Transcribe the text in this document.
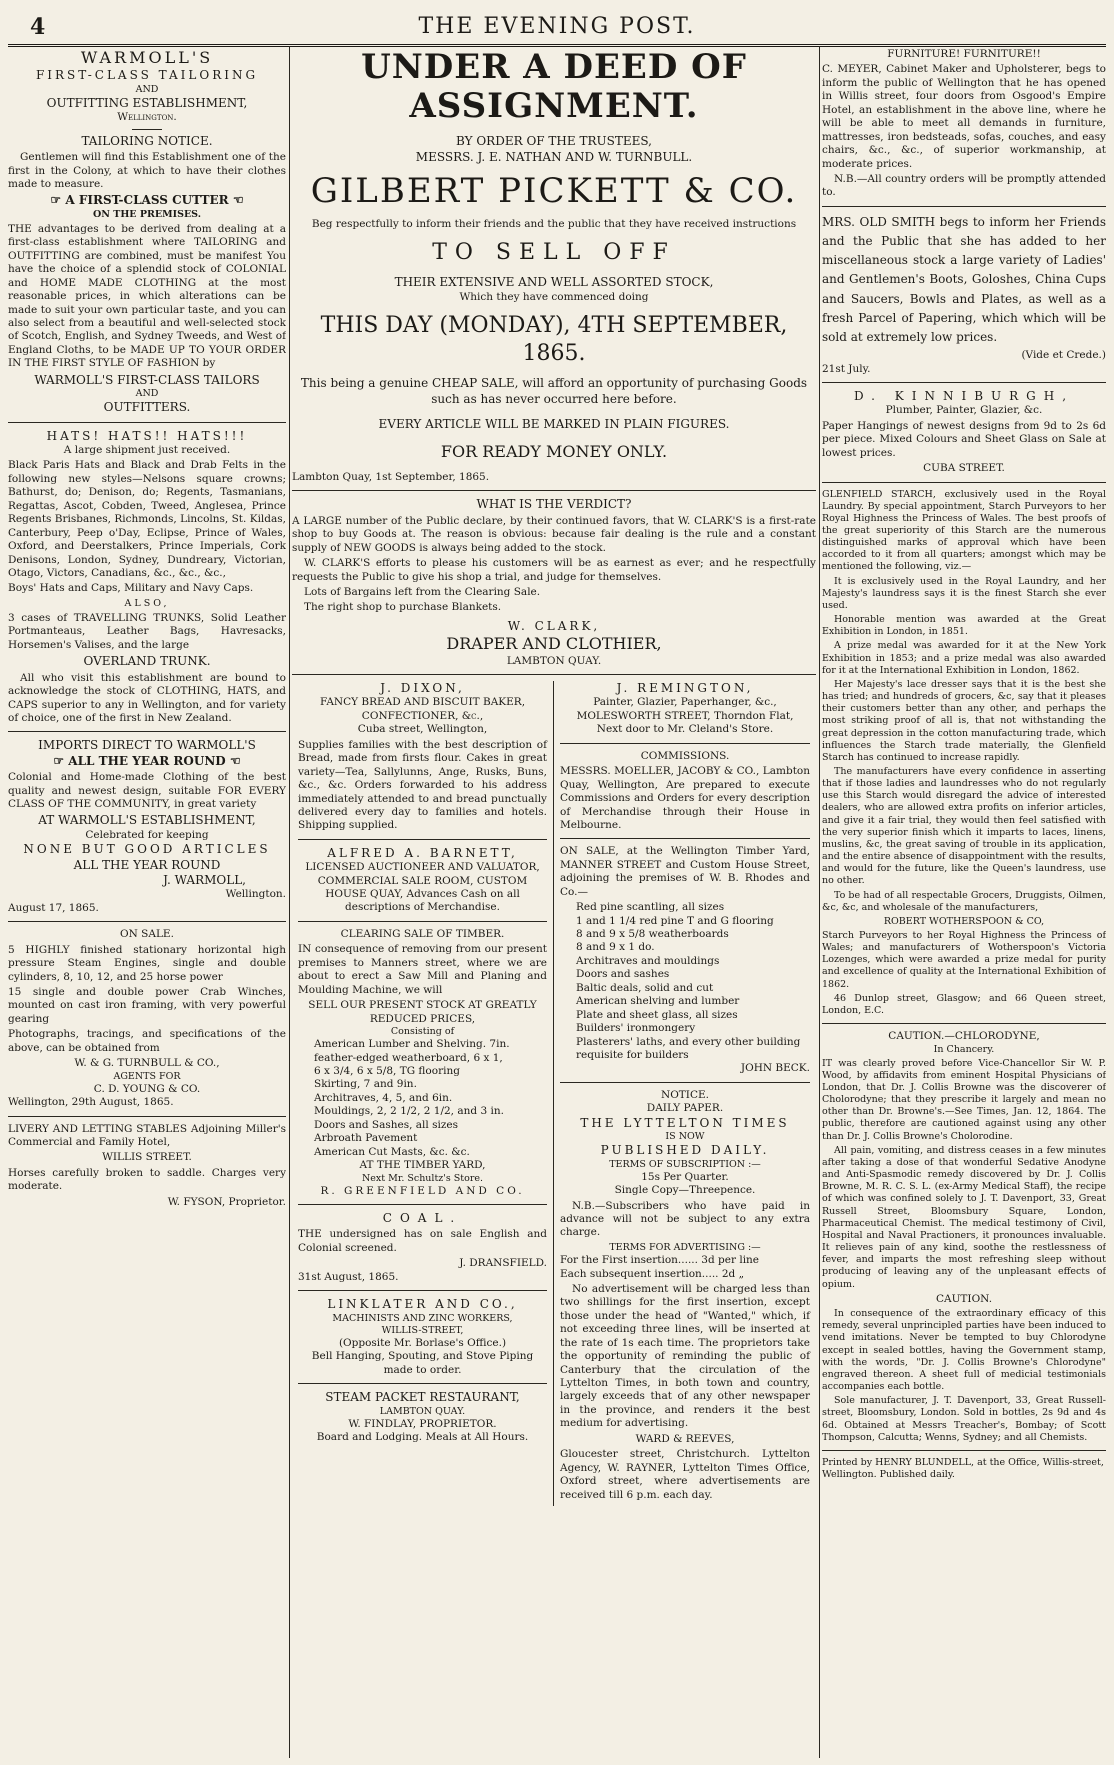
4	THE EVENING POST.
WARMOLL'S
FIRST-CLASS TAILORING
AND
OUTFITTING ESTABLISHMENT,
Wellington.
TAILORING NOTICE.

Gentlemen will find this Establishment one of the first in the Colony, at which to have their clothes made to measure.

☞ A FIRST-CLASS CUTTER ☜
ON THE PREMISES.

THE advantages to be derived from dealing at a first-class establishment where TAILORING and OUTFITTING are combined, must be manifest You have the choice of a splendid stock of COLONIAL and HOME MADE CLOTHING at the most reasonable prices, in which alterations can be made to suit your own particular taste, and you can also select from a beautiful and well-selected stock of Scotch, English, and Sydney Tweeds, and West of England Cloths, to be MADE UP TO YOUR ORDER IN THE FIRST STYLE OF FASHION by

WARMOLL'S FIRST-CLASS TAILORS
AND
OUTFITTERS.
HATS! HATS!! HATS!!!
A large shipment just received.

Black Paris Hats and Black and Drab Felts in the following new styles—Nelsons square crowns; Bathurst, do; Denison, do; Regents, Tasmanians, Regattas, Ascot, Cobden, Tweed, Anglesea, Prince Regents Brisbanes, Richmonds, Lincolns, St. Kildas, Canterbury, Peep o'Day, Eclipse, Prince of Wales, Oxford, and Deerstalkers, Prince Imperials, Cork Denisons, London, Sydney, Dundreary, Victorian, Otago, Victors, Canadians, &c., &c., &c.,

Boys' Hats and Caps, Military and Navy Caps.

ALSO,

3 cases of TRAVELLING TRUNKS, Solid Leather Portmanteaus, Leather Bags, Havresacks, Horsemen's Valises, and the large

OVERLAND TRUNK.

All who visit this establishment are bound to acknowledge the stock of CLOTHING, HATS, and CAPS superior to any in Wellington, and for variety of choice, one of the first in New Zealand.

IMPORTS DIRECT TO WARMOLL'S
☞ ALL THE YEAR ROUND ☜

Colonial and Home-made Clothing of the best quality and newest design, suitable FOR EVERY CLASS OF THE COMMUNITY, in great variety

AT WARMOLL'S ESTABLISHMENT,
Celebrated for keeping
NONE BUT GOOD ARTICLES
ALL THE YEAR ROUND
J. WARMOLL,
Wellington.
August 17, 1865.
ON SALE.

5 HIGHLY finished stationary horizontal high pressure Steam Engines, single and double cylinders, 8, 10, 12, and 25 horse power

15 single and double power Crab Winches, mounted on cast iron framing, with very powerful gearing

Photographs, tracings, and specifications of the above, can be obtained from

W. & G. TURNBULL & CO.,
AGENTS FOR
C. D. YOUNG & CO.
Wellington, 29th August, 1865.

LIVERY AND LETTING STABLES Adjoining Miller's Commercial and Family Hotel,

WILLIS STREET.

Horses carefully broken to saddle. Charges very moderate.

W. FYSON, Proprietor.
UNDER A DEED OF ASSIGNMENT.
BY ORDER OF THE TRUSTEES,
MESSRS. J. E. NATHAN AND W. TURNBULL.
GILBERT PICKETT & CO.
Beg respectfully to inform their friends and the public that they have received instructions
TO SELL OFF
THEIR EXTENSIVE AND WELL ASSORTED STOCK,
Which they have commenced doing
THIS DAY (MONDAY), 4TH SEPTEMBER, 1865.
This being a genuine CHEAP SALE, will afford an opportunity of purchasing Goods such as has never occurred here before.
EVERY ARTICLE WILL BE MARKED IN PLAIN FIGURES.
FOR READY MONEY ONLY.
Lambton Quay, 1st September, 1865.
WHAT IS THE VERDICT?

A LARGE number of the Public declare, by their continued favors, that W. CLARK'S is a first-rate shop to buy Goods at. The reason is obvious: because fair dealing is the rule and a constant supply of NEW GOODS is always being added to the stock.

W. CLARK'S efforts to please his customers will be as earnest as ever; and he respectfully requests the Public to give his shop a trial, and judge for themselves.

Lots of Bargains left from the Clearing Sale.

The right shop to purchase Blankets.

W. CLARK,
DRAPER AND CLOTHIER,
LAMBTON QUAY.
J. DIXON,
FANCY BREAD AND BISCUIT BAKER, CONFECTIONER, &c.,
Cuba street, Wellington,

Supplies families with the best description of Bread, made from firsts flour. Cakes in great variety—Tea, Sallylunns, Ange, Rusks, Buns, &c., &c. Orders forwarded to his address immediately attended to and bread punctually delivered every day to families and hotels. Shipping supplied.

ALFRED A. BARNETT,
LICENSED AUCTIONEER AND VALUATOR,
COMMERCIAL SALE ROOM, CUSTOM HOUSE QUAY, Advances Cash on all descriptions of Merchandise.
CLEARING SALE OF TIMBER.

IN consequence of removing from our present premises to Manners street, where we are about to erect a Saw Mill and Planing and Moulding Machine, we will

SELL OUR PRESENT STOCK AT GREATLY REDUCED PRICES,
Consisting of
American Lumber and Shelving. 7in.
feather-edged weatherboard, 6 x 1,
6 x 3/4, 6 x 5/8, TG flooring
Skirting, 7 and 9in.
Architraves, 4, 5, and 6in.
Mouldings, 2, 2 1/2, 2 1/2, and 3 in.
Doors and Sashes, all sizes
Arbroath Pavement
American Cut Masts, &c. &c.
AT THE TIMBER YARD,
Next Mr. Schultz's Store.
R. GREENFIELD AND CO.
COAL.

THE undersigned has on sale English and Colonial screened.

J. DRANSFIELD.
31st August, 1865.
LINKLATER AND CO.,
MACHINISTS AND ZINC WORKERS,
WILLIS-STREET,
(Opposite Mr. Borlase's Office.)
Bell Hanging, Spouting, and Stove Piping made to order.
STEAM PACKET RESTAURANT,
LAMBTON QUAY.
W. FINDLAY, PROPRIETOR.
Board and Lodging. Meals at All Hours.
J. REMINGTON,
Painter, Glazier, Paperhanger, &c., MOLESWORTH STREET, Thorndon Flat,
Next door to Mr. Cleland's Store.
COMMISSIONS.

MESSRS. MOELLER, JACOBY & CO., Lambton Quay, Wellington, Are prepared to execute Commissions and Orders for every description of Merchandise through their House in Melbourne.

ON SALE, at the Wellington Timber Yard, MANNER STREET and Custom House Street, adjoining the premises of W. B. Rhodes and Co.—

Red pine scantling, all sizes
1 and 1 1/4 red pine T and G flooring
8 and 9 x 5/8 weatherboards
8 and 9 x 1 do.
Architraves and mouldings
Doors and sashes
Baltic deals, solid and cut
American shelving and lumber
Plate and sheet glass, all sizes
Builders' ironmongery
Plasterers' laths, and every other building requisite for builders
JOHN BECK.
NOTICE.
DAILY PAPER.
THE LYTTELTON TIMES
IS NOW
PUBLISHED DAILY.
TERMS OF SUBSCRIPTION :—
15s Per Quarter.
Single Copy—Threepence.

N.B.—Subscribers who have paid in advance will not be subject to any extra charge.

TERMS FOR ADVERTISING :—
For the First insertion...... 3d per line
Each subsequent insertion..... 2d „

No advertisement will be charged less than two shillings for the first insertion, except those under the head of "Wanted," which, if not exceeding three lines, will be inserted at the rate of 1s each time. The proprietors take the opportunity of reminding the public of Canterbury that the circulation of the Lyttelton Times, in both town and country, largely exceeds that of any other newspaper in the province, and renders it the best medium for advertising.

WARD & REEVES,

Gloucester street, Christchurch. Lyttelton Agency, W. RAYNER, Lyttelton Times Office, Oxford street, where advertisements are received till 6 p.m. each day.

FURNITURE! FURNITURE!!

C. MEYER, Cabinet Maker and Upholsterer, begs to inform the public of Wellington that he has opened in Willis street, four doors from Osgood's Empire Hotel, an establishment in the above line, where he will be able to meet all demands in furniture, mattresses, iron bedsteads, sofas, couches, and easy chairs, &c., &c., of superior workmanship, at moderate prices.

N.B.—All country orders will be promptly attended to.

MRS. OLD SMITH begs to inform her Friends and the Public that she has added to her miscellaneous stock a large variety of Ladies' and Gentlemen's Boots, Goloshes, China Cups and Saucers, Bowls and Plates, as well as a fresh Parcel of Papering, which which will be sold at extremely low prices.

(Vide et Crede.)
21st July.
D. KINNIBURGH,
Plumber, Painter, Glazier, &c.

Paper Hangings of newest designs from 9d to 2s 6d per piece. Mixed Colours and Sheet Glass on Sale at lowest prices.

CUBA STREET.

GLENFIELD STARCH, exclusively used in the Royal Laundry. By special appointment, Starch Purveyors to her Royal Highness the Princess of Wales. The best proofs of the great superiority of this Starch are the numerous distinguished marks of approval which have been accorded to it from all quarters; amongst which may be mentioned the following, viz.—

It is exclusively used in the Royal Laundry, and her Majesty's laundress says it is the finest Starch she ever used.

Honorable mention was awarded at the Great Exhibition in London, in 1851.

A prize medal was awarded for it at the New York Exhibition in 1853; and a prize medal was also awarded for it at the International Exhibition in London, 1862.

Her Majesty's lace dresser says that it is the best she has tried; and hundreds of grocers, &c, say that it pleases their customers better than any other, and perhaps the most striking proof of all is, that not withstanding the great depression in the cotton manufacturing trade, which influences the Starch trade materially, the Glenfield Starch has continued to increase rapidly.

The manufacturers have every confidence in asserting that if those ladies and laundresses who do not regularly use this Starch would disregard the advice of interested dealers, who are allowed extra profits on inferior articles, and give it a fair trial, they would then feel satisfied with the very superior finish which it imparts to laces, linens, muslins, &c, the great saving of trouble in its application, and the entire absence of disappointment with the results, and would for the future, like the Queen's laundress, use no other.

To be had of all respectable Grocers, Druggists, Oilmen, &c, &c, and wholesale of the manufacturers,

ROBERT WOTHERSPOON & CO,

Starch Purveyors to her Royal Highness the Princess of Wales; and manufacturers of Wotherspoon's Victoria Lozenges, which were awarded a prize medal for purity and excellence of quality at the International Exhibition of 1862.

46 Dunlop street, Glasgow; and 66 Queen street, London, E.C.

CAUTION.—CHLORODYNE,
In Chancery.

IT was clearly proved before Vice-Chancellor Sir W. P. Wood, by affidavits from eminent Hospital Physicians of London, that Dr. J. Collis Browne was the discoverer of Cholorodyne; that they prescribe it largely and mean no other than Dr. Browne's.—See Times, Jan. 12, 1864. The public, therefore are cautioned against using any other than Dr. J. Collis Browne's Cholorodine.

All pain, vomiting, and distress ceases in a few minutes after taking a dose of that wonderful Sedative Anodyne and Anti-Spasmodic remedy discovered by Dr. J. Collis Browne, M. R. C. S. L. (ex-Army Medical Staff), the recipe of which was confined solely to J. T. Davenport, 33, Great Russell Street, Bloomsbury Square, London, Pharmaceutical Chemist. The medical testimony of Civil, Hospital and Naval Practioners, it pronounces invaluable. It relieves pain of any kind, soothe the restlessness of fever, and imparts the most refreshing sleep without producing of leaving any of the unpleasant effects of opium.

CAUTION.

In consequence of the extraordinary efficacy of this remedy, several unprincipled parties have been induced to vend imitations. Never be tempted to buy Chlorodyne except in sealed bottles, having the Government stamp, with the words, "Dr. J. Collis Browne's Chlorodyne" engraved thereon. A sheet full of medicial testimonials accompanies each bottle.

Sole manufacturer, J. T. Davenport, 33, Great Russell-street, Bloomsbury, London. Sold in bottles, 2s 9d and 4s 6d. Obtained at Messrs Treacher's, Bombay; of Scott Thompson, Calcutta; Wenns, Sydney; and all Chemists.

Printed by HENRY BLUNDELL, at the Office, Willis-street, Wellington. Published daily.
